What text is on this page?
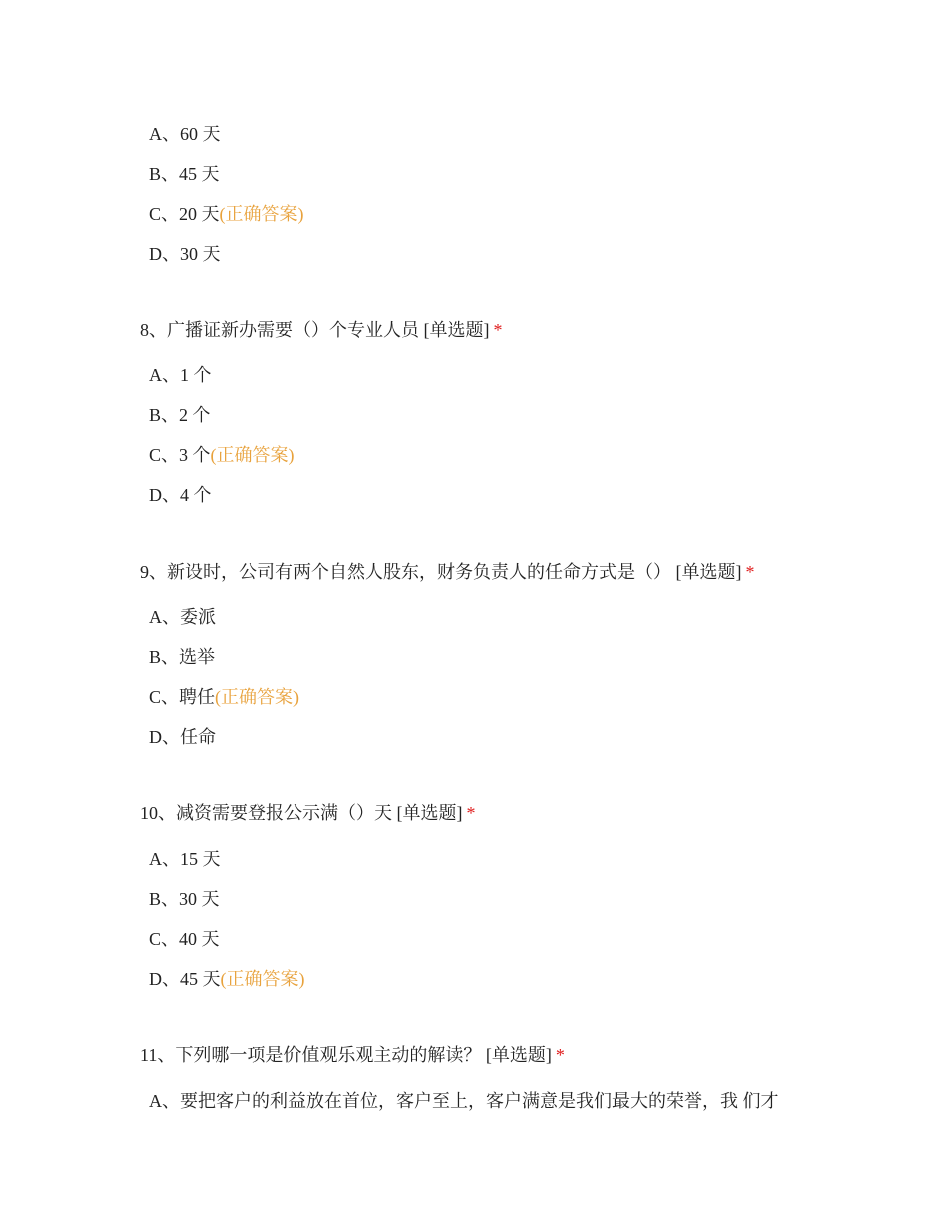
A、60 天
B、45 天
C、20 天(正确答案)
D、30 天
8、广播证新办需要（）个专业人员 [单选题] *
A、1 个
B、2 个
C、3 个(正确答案)
D、4 个
9、新设时，公司有两个自然人股东，财务负责人的任命方式是（） [单选题] *
A、委派
B、选举
C、聘任(正确答案)
D、任命
10、减资需要登报公示满（）天 [单选题] *
A、15 天
B、30 天
C、40 天
D、45 天(正确答案)
11、下列哪一项是价值观乐观主动的解读？ [单选题] *
A、要把客户的利益放在首位，客户至上，客户满意是我们最大的荣誉，我 们才
